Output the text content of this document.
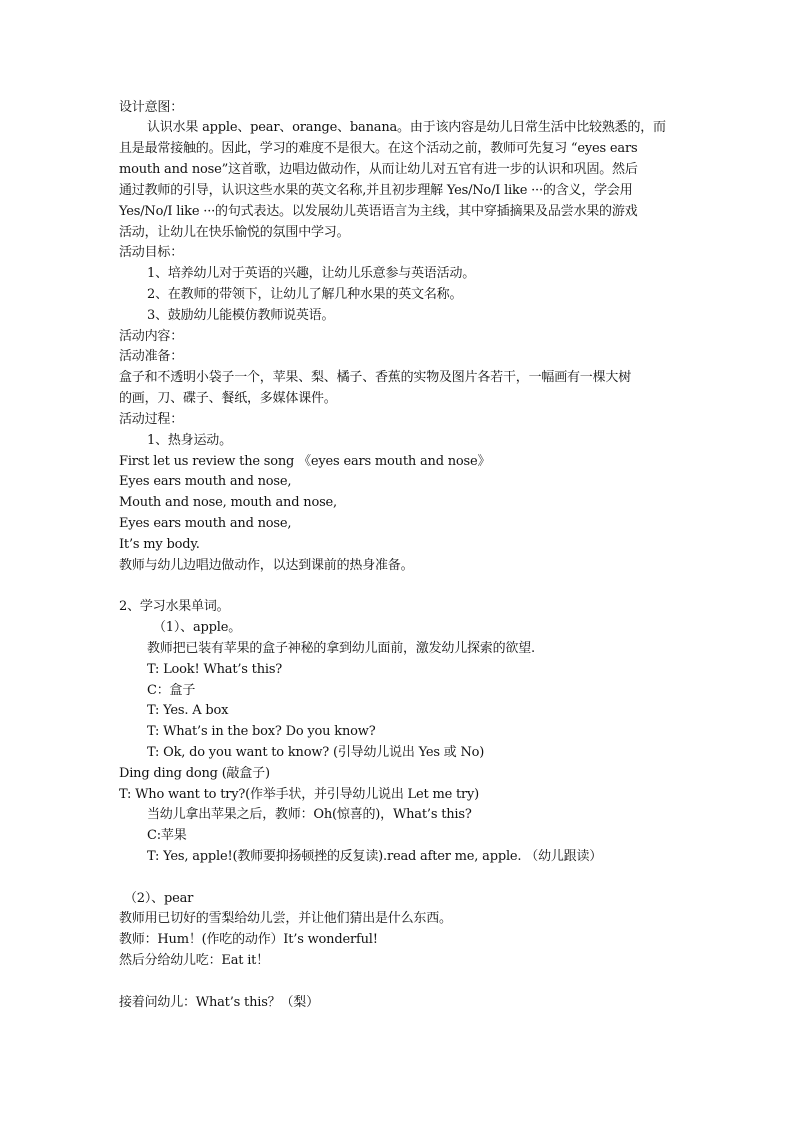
设计意图：
认识水果 apple、pear、orange、banana。由于该内容是幼儿日常生活中比较熟悉的，而
且是最常接触的。因此，学习的难度不是很大。在这个活动之前，教师可先复习 “eyes ears
mouth and nose”这首歌，边唱边做动作，从而让幼儿对五官有进一步的认识和巩固。然后
通过教师的引导，认识这些水果的英文名称,并且初步理解 Yes/No/I like ···的含义，学会用
Yes/No/I like ···的句式表达。以发展幼儿英语语言为主线，其中穿插摘果及品尝水果的游戏
活动，让幼儿在快乐愉悦的氛围中学习。
活动目标：
1、培养幼儿对于英语的兴趣，让幼儿乐意参与英语活动。
2、在教师的带领下，让幼儿了解几种水果的英文名称。
3、鼓励幼儿能模仿教师说英语。
活动内容：
活动准备：
盒子和不透明小袋子一个，苹果、梨、橘子、香蕉的实物及图片各若干，一幅画有一棵大树
的画，刀、碟子、餐纸，多媒体课件。
活动过程：
1、热身运动。
First let us review the song 《eyes ears mouth and nose》
Eyes ears mouth and nose,
Mouth and nose, mouth and nose,
Eyes ears mouth and nose,
It’s my body.
教师与幼儿边唱边做动作，以达到课前的热身准备。
2、学习水果单词。
（1）、apple。
教师把已装有苹果的盒子神秘的拿到幼儿面前，激发幼儿探索的欲望.
T: Look! What’s this?
C：盒子
T: Yes. A box
T: What’s in the box? Do you know?
T: Ok, do you want to know? (引导幼儿说出 Yes 或 No)
Ding ding dong (敲盒子)
T: Who want to try?(作举手状，并引导幼儿说出 Let me try)
当幼儿拿出苹果之后，教师：Oh(惊喜的)，What’s this?
C:苹果
T: Yes, apple!(教师要抑扬顿挫的反复读).read after me, apple. （幼儿跟读）
（2）、pear
教师用已切好的雪梨给幼儿尝，并让他们猜出是什么东西。
教师：Hum！(作吃的动作）It’s wonderful!
然后分给幼儿吃：Eat it！
接着问幼儿：What’s this？（梨）
